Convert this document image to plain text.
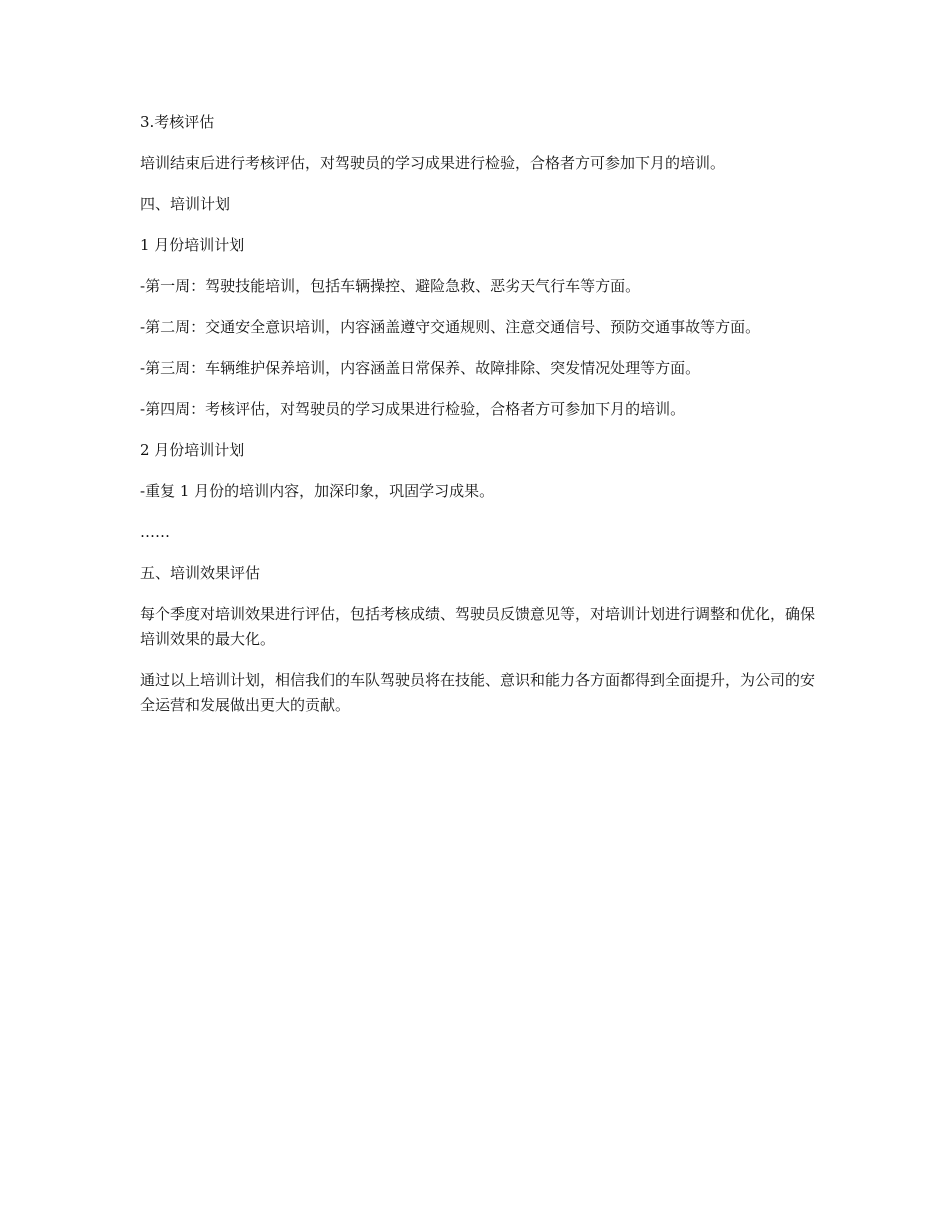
3.考核评估

培训结束后进行考核评估，对驾驶员的学习成果进行检验，合格者方可参加下月的培训。

四、培训计划

1 月份培训计划

-第一周：驾驶技能培训，包括车辆操控、避险急救、恶劣天气行车等方面。

-第二周：交通安全意识培训，内容涵盖遵守交通规则、注意交通信号、预防交通事故等方面。

-第三周：车辆维护保养培训，内容涵盖日常保养、故障排除、突发情况处理等方面。

-第四周：考核评估，对驾驶员的学习成果进行检验，合格者方可参加下月的培训。

2 月份培训计划

-重复 1 月份的培训内容，加深印象，巩固学习成果。

……

五、培训效果评估

每个季度对培训效果进行评估，包括考核成绩、驾驶员反馈意见等，对培训计划进行调整和优化，确保培训效果的最大化。

通过以上培训计划，相信我们的车队驾驶员将在技能、意识和能力各方面都得到全面提升，为公司的安全运营和发展做出更大的贡献。
